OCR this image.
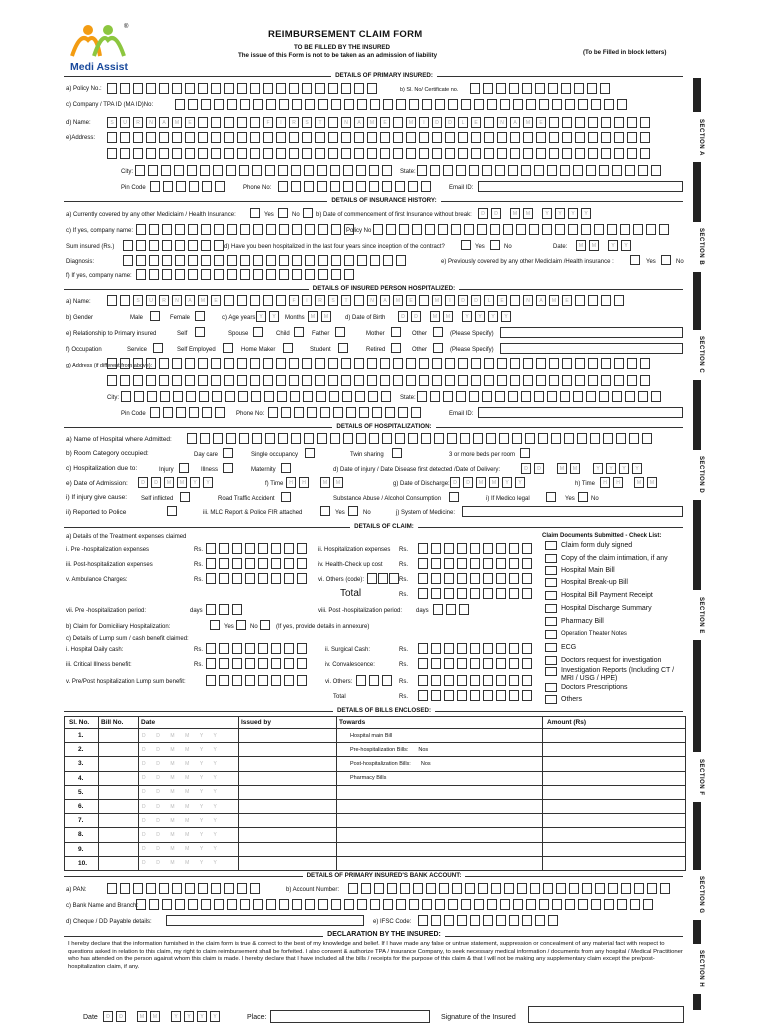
®
Medi Assist
REIMBURSEMENT CLAIM FORM
TO BE FILLED BY THE INSURED
The issue of this Form is not to be taken as an admission of liability	(To be Filled in block letters)
SECTION A
SECTION B
SECTION C
SECTION D
SECTION E
SECTION F
SECTION G
SECTION H
DETAILS OF PRIMARY INSURED:
a) Policy No.:	b) Sl. No/ Certificate no.
c) Company / TPA ID (MA ID)No:
d) Name:	S	U	R	N	A	M	E	F	I	R	S	T	N	A	M	E	M	I	D	D	L	E	N	A	M	E
e)Address:
City:	State:
Pin Code	Phone No:	Email ID:
DETAILS OF INSURANCE HISTORY:
a) Currently covered by any other Mediclaim / Health Insurance:	Yes	No	b) Date of commencement of first Insurance without break:	D	D	M	M	Y	Y	Y	Y
c) If yes, company name:	Policy No
Sum insured (Rs.)	d) Have you been hospitalized in the last four years since inception of the contract?	Yes	No	Date:	M	M	Y	Y
Diagnosis:	e) Previously covered by any other Mediclaim /Health insurance :	Yes	No
f) If yes, company name:
DETAILS OF INSURED PERSON HOSPITALIZED:
a) Name:	S	U	R	N	A	M	E	F	I	R	S	T	N	A	M	E	M	I	D	D	L	E	N	A	M	E
b) Gender	Male	Female	c) Age years Y	Y	Months	M	M	d) Date of Birth	D	D	M	M	Y	Y	Y	Y
e) Relationship to Primary insured	Self	Spouse	Child	Father	Mother	Other	(Please Specify)
f) Occupation	Service	Self Employed	Home Maker	Student	Retired	Other	(Please Specify)
g) Address (if different from above):
City:	State:
Pin Code	Phone No:	Email ID:
DETAILS OF HOSPITALIZATION:
a) Name of Hospital where Admitted:
b) Room Category occupied:	Day care	Single occupancy	Twin sharing	3 or more beds per room
c) Hospitalization due to:	Injury	Illness	Maternity	d) Date of injury / Date Disease first detected /Date of Delivery:	D	D	M	M	Y	Y	Y	Y
e) Date of Admission:	D	D	M	M	Y	Y	f) Time	H	H	M	M	g) Date of Discharge: D	D	M	M	Y	Y	h) Time	H	H	M	M
i) If injury give cause: Self inflicted	Road Traffic Accident	Substance Abuse / Alcohol Consumption	i) If Medico legal	Yes	No
ii) Reported to Police	iii. MLC Report & Police FIR attached	Yes	No	j) System of Medicine:
DETAILS OF CLAIM:
a) Details of the Treatment expenses claimed
i. Pre -hospitalization expenses	Rs.	ii. Hospitalization expenses Rs.
iii. Post-hospitalization expenses	Rs.	iv. Health-Check up cost	Rs.
v. Ambulance Charges:	Rs.	vi. Others (code):	Rs.
Total	Rs.
vii. Pre -hospitalization period:	days	viii. Post -hospitalization period: days
b) Claim for Domiciliary Hospitalization:	Yes	No	(If yes, provide details in annexure)
c) Details of Lump sum / cash benefit claimed:
i. Hospital Daily cash:	Rs.	ii. Surgical Cash:	Rs.
iii. Critical Illness benefit:	Rs.	iv. Convalescence:	Rs.
v. Pre/Post hospitalization Lump sum benefit:	vi. Others:	Rs.
Total	Rs.
Claim Documents Submitted - Check List:
Claim form duly signed
Copy of the claim intimation, if any
Hospital Main Bill
Hospital Break-up Bill
Hospital Bill Payment Receipt
Hospital Discharge Summary
Pharmacy Bill
Operation Theater Notes
ECG
Doctors request for investigation
Investigation Reports (Including CT / MRI / USG / HPE)
Doctors Prescriptions
Others
DETAILS OF BILLS ENCLOSED:
Sl. No.	Bill No.	Date	Issued by	Towards	Amount (Rs)
1.		D D M M Y Y		Hospital main Bill	
2.		D D M M Y Y		Pre-hospitalization Bills: Nos	
3.		D D M M Y Y		Post-hospitalization Bills: Nos	
4.		D D M M Y Y		Pharmacy Bills	
5.		D D M M Y Y			
6.		D D M M Y Y			
7.		D D M M Y Y			
8.		D D M M Y Y			
9.		D D M M Y Y			
10.		D D M M Y Y			
DETAILS OF PRIMARY INSURED'S BANK ACCOUNT:
a) PAN:	b) Account Number:
c) Bank Name and Branch:
d) Cheque / DD Payable details:	e) IFSC Code:
DECLARATION BY THE INSURED:
I hereby declare that the information furnished in the claim form is true & correct to the best of my knowledge and belief. If I have made any false or untrue statement, suppression or concealment of any material fact with respect to questions asked in relation to this claim, my right to claim reimbursement shall be forfeited. I also consent & authorize TPA / insurance Company, to seek necessary medical information / documents from any hospital / Medical Practitioner who has attended on the person against whom this claim is made. I hereby declare that I have included all the bills / receipts for the purpose of this claim & that I will not be making any supplementary claim except the pre/post-hospitalization claim, if any.
Date	D	D	M	M	Y	Y	Y	Y	Place:	Signature of the Insured
